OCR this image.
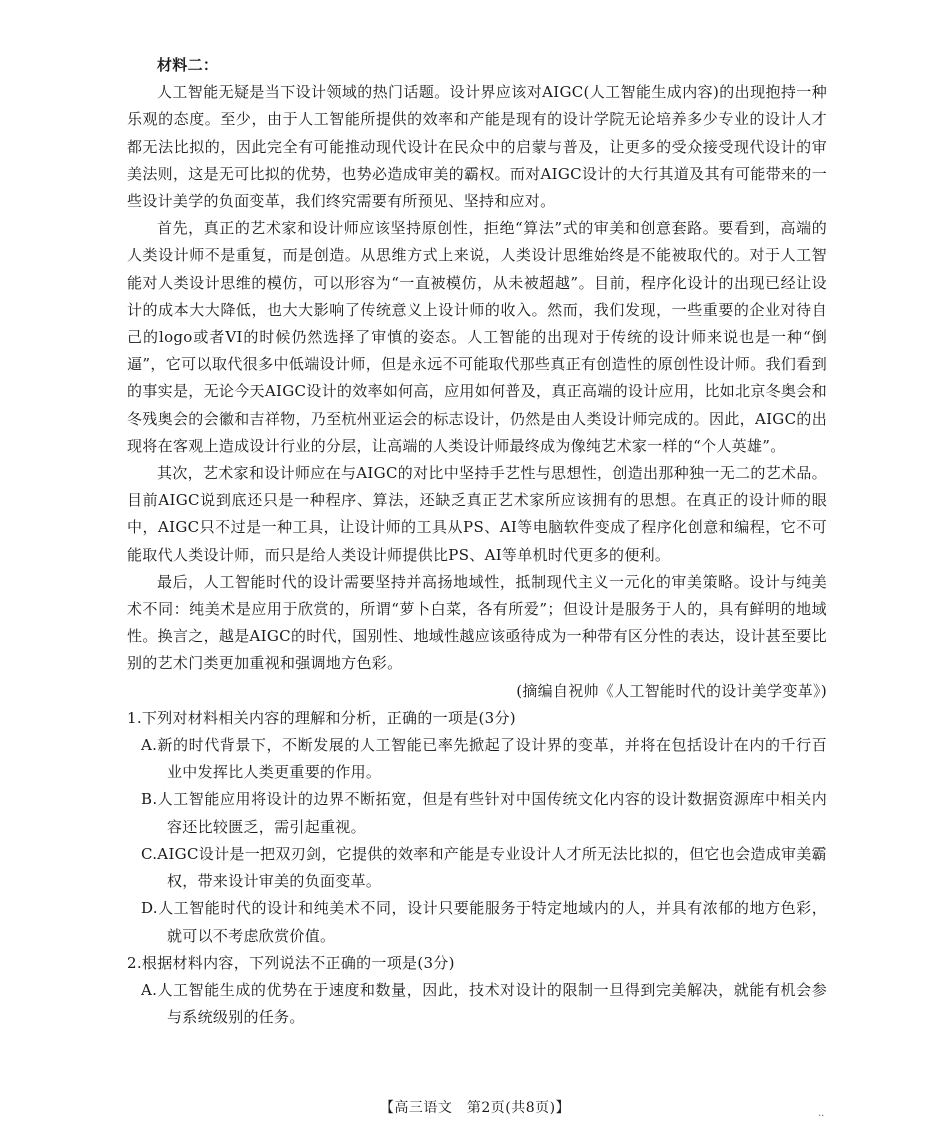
材料二：

人工智能无疑是当下设计领域的热门话题。设计界应该对AIGC(人工智能生成内容)的出现抱持一种乐观的态度。至少，由于人工智能所提供的效率和产能是现有的设计学院无论培养多少专业的设计人才都无法比拟的，因此完全有可能推动现代设计在民众中的启蒙与普及，让更多的受众接受现代设计的审美法则，这是无可比拟的优势，也势必造成审美的霸权。而对AIGC设计的大行其道及其有可能带来的一些设计美学的负面变革，我们终究需要有所预见、坚持和应对。

首先，真正的艺术家和设计师应该坚持原创性，拒绝“算法”式的审美和创意套路。要看到，高端的人类设计师不是重复，而是创造。从思维方式上来说，人类设计思维始终是不能被取代的。对于人工智能对人类设计思维的模仿，可以形容为“一直被模仿，从未被超越”。目前，程序化设计的出现已经让设计的成本大大降低，也大大影响了传统意义上设计师的收入。然而，我们发现，一些重要的企业对待自己的logo或者VI的时候仍然选择了审慎的姿态。人工智能的出现对于传统的设计师来说也是一种“倒逼”，它可以取代很多中低端设计师，但是永远不可能取代那些真正有创造性的原创性设计师。我们看到的事实是，无论今天AIGC设计的效率如何高，应用如何普及，真正高端的设计应用，比如北京冬奥会和冬残奥会的会徽和吉祥物，乃至杭州亚运会的标志设计，仍然是由人类设计师完成的。因此，AIGC的出现将在客观上造成设计行业的分层，让高端的人类设计师最终成为像纯艺术家一样的“个人英雄”。

其次，艺术家和设计师应在与AIGC的对比中坚持手艺性与思想性，创造出那种独一无二的艺术品。目前AIGC说到底还只是一种程序、算法，还缺乏真正艺术家所应该拥有的思想。在真正的设计师的眼中，AIGC只不过是一种工具，让设计师的工具从PS、AI等电脑软件变成了程序化创意和编程，它不可能取代人类设计师，而只是给人类设计师提供比PS、AI等单机时代更多的便利。

最后，人工智能时代的设计需要坚持并高扬地域性，抵制现代主义一元化的审美策略。设计与纯美术不同：纯美术是应用于欣赏的，所谓“萝卜白菜，各有所爱”；但设计是服务于人的，具有鲜明的地域性。换言之，越是AIGC的时代，国别性、地域性越应该亟待成为一种带有区分性的表达，设计甚至要比别的艺术门类更加重视和强调地方色彩。

(摘编自祝帅《人工智能时代的设计美学变革》)

1.下列对材料相关内容的理解和分析，正确的一项是(3分)

A.新的时代背景下，不断发展的人工智能已率先掀起了设计界的变革，并将在包括设计在内的千行百业中发挥比人类更重要的作用。

B.人工智能应用将设计的边界不断拓宽，但是有些针对中国传统文化内容的设计数据资源库中相关内容还比较匮乏，需引起重视。

C.AIGC设计是一把双刃剑，它提供的效率和产能是专业设计人才所无法比拟的，但它也会造成审美霸权，带来设计审美的负面变革。

D.人工智能时代的设计和纯美术不同，设计只要能服务于特定地域内的人，并具有浓郁的地方色彩，就可以不考虑欣赏价值。

2.根据材料内容，下列说法不正确的一项是(3分)

A.人工智能生成的优势在于速度和数量，因此，技术对设计的限制一旦得到完美解决，就能有机会参与系统级别的任务。

【高三语文　第2页(共8页)】	..
